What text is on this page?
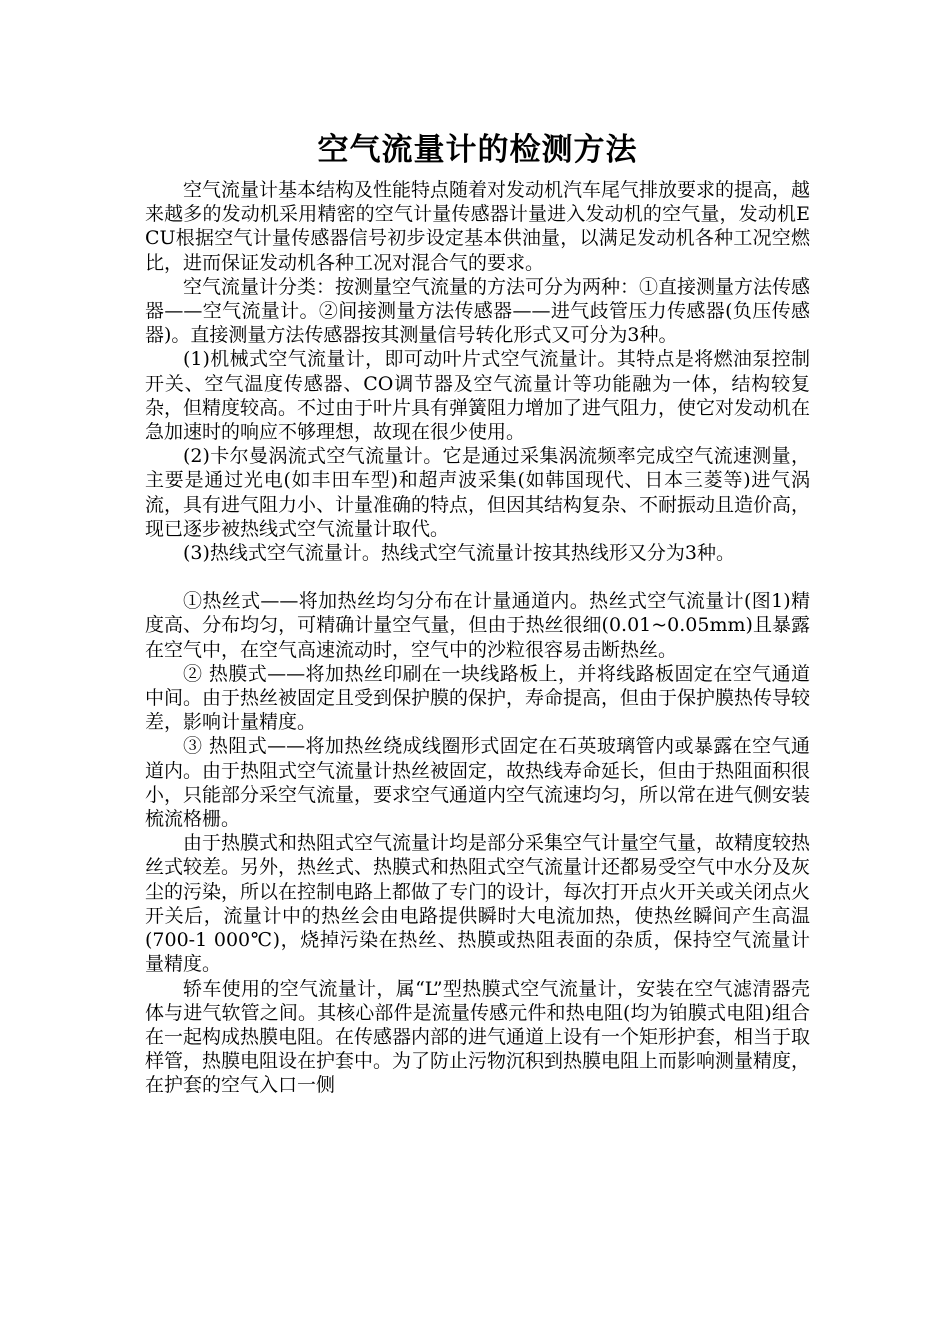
空气流量计的检测方法

空气流量计基本结构及性能特点随着对发动机汽车尾气排放要求的提高，越来越多的发动机采用精密的空气计量传感器计量进入发动机的空气量，发动机ECU根据空气计量传感器信号初步设定基本供油量，以满足发动机各种工况空燃比，进而保证发动机各种工况对混合气的要求。

空气流量计分类：按测量空气流量的方法可分为两种：①直接测量方法传感器——空气流量计。②间接测量方法传感器——进气歧管压力传感器(负压传感器)。直接测量方法传感器按其测量信号转化形式又可分为3种。

(1)机械式空气流量计，即可动叶片式空气流量计。其特点是将燃油泵控制开关、空气温度传感器、CO调节器及空气流量计等功能融为一体，结构较复杂，但精度较高。不过由于叶片具有弹簧阻力增加了进气阻力，使它对发动机在急加速时的响应不够理想，故现在很少使用。

(2)卡尔曼涡流式空气流量计。它是通过采集涡流频率完成空气流速测量，主要是通过光电(如丰田车型)和超声波采集(如韩国现代、日本三菱等)进气涡流，具有进气阻力小、计量准确的特点，但因其结构复杂、不耐振动且造价高，现已逐步被热线式空气流量计取代。

(3)热线式空气流量计。热线式空气流量计按其热线形又分为3种。

①热丝式——将加热丝均匀分布在计量通道内。热丝式空气流量计(图1)精度高、分布均匀，可精确计量空气量，但由于热丝很细(0.01~0.05mm)且暴露在空气中，在空气高速流动时，空气中的沙粒很容易击断热丝。

② 热膜式——将加热丝印刷在一块线路板上，并将线路板固定在空气通道中间。由于热丝被固定且受到保护膜的保护，寿命提高，但由于保护膜热传导较差，影响计量精度。

③ 热阻式——将加热丝绕成线圈形式固定在石英玻璃管内或暴露在空气通道内。由于热阻式空气流量计热丝被固定，故热线寿命延长，但由于热阻面积很小，只能部分采空气流量，要求空气通道内空气流速均匀，所以常在进气侧安装梳流格栅。

由于热膜式和热阻式空气流量计均是部分采集空气计量空气量，故精度较热丝式较差。另外，热丝式、热膜式和热阻式空气流量计还都易受空气中水分及灰尘的污染，所以在控制电路上都做了专门的设计，每次打开点火开关或关闭点火开关后，流量计中的热丝会由电路提供瞬时大电流加热，使热丝瞬间产生高温(700-1 000℃)，烧掉污染在热丝、热膜或热阻表面的杂质，保持空气流量计量精度。

轿车使用的空气流量计，属“L”型热膜式空气流量计，安装在空气滤清器壳体与进气软管之间。其核心部件是流量传感元件和热电阻(均为铂膜式电阻)组合在一起构成热膜电阻。在传感器内部的进气通道上设有一个矩形护套，相当于取样管，热膜电阻设在护套中。为了防止污物沉积到热膜电阻上而影响测量精度，在护套的空气入口一侧
